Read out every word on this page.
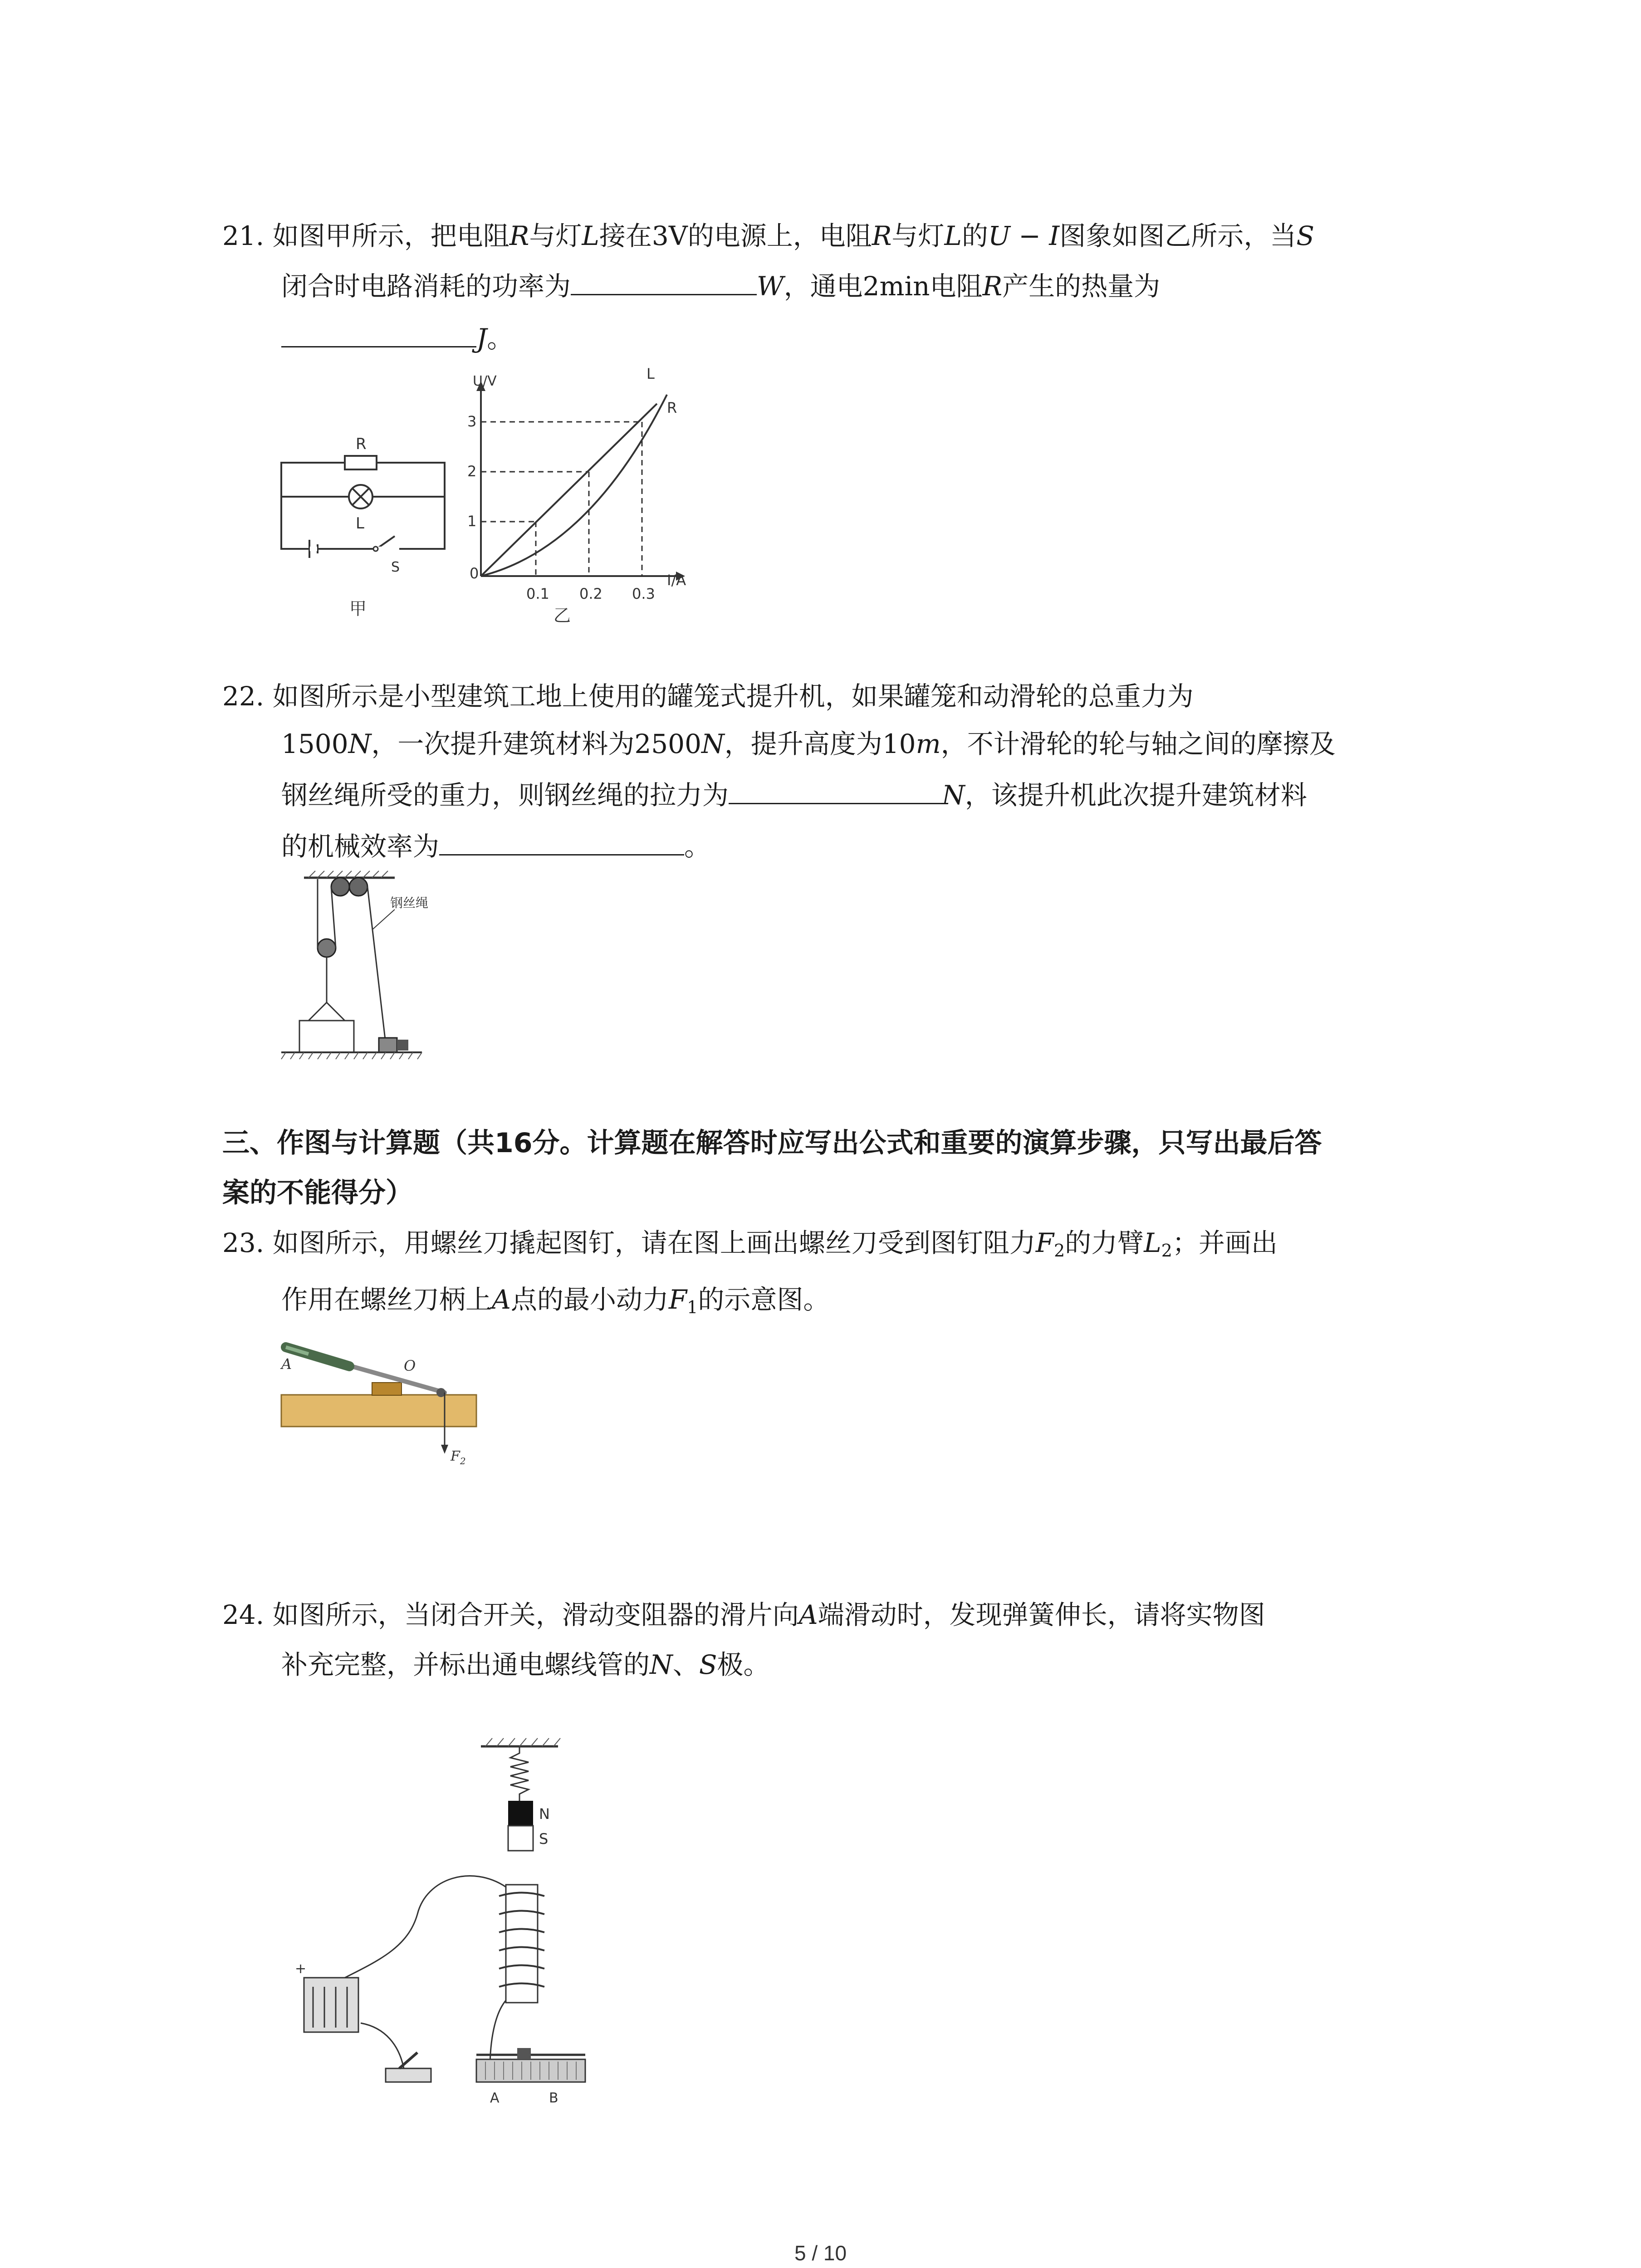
21. 如图甲所示，把电阻R与灯L接在3V的电源上，电阻R与灯L的U − I图象如图乙所示，当S
闭合时电路消耗的功率为	W，通电2min电阻R产生的热量为
J。
R
L
S
甲
U/V
3
2
1
0
0.1 0.2 0.3
I/A
L
R
乙
22. 如图所示是小型建筑工地上使用的罐笼式提升机，如果罐笼和动滑轮的总重力为
1500N，一次提升建筑材料为2500N，提升高度为10m，不计滑轮的轮与轴之间的摩擦及
钢丝绳所受的重力，则钢丝绳的拉力为	N，该提升机此次提升建筑材料
的机械效率为	。
钢丝绳
三、作图与计算题（共16分。计算题在解答时应写出公式和重要的演算步骤，只写出最后答
案的不能得分）
23. 如图所示，用螺丝刀撬起图钉，请在图上画出螺丝刀受到图钉阻力$F_2$的力臂$L_2$；并画出
作用在螺丝刀柄上A点的最小动力$F_1$的示意图。
A	O
$F_2$
24. 如图所示，当闭合开关，滑动变阻器的滑片向A端滑动时，发现弹簧伸长，请将实物图
补充完整，并标出通电螺线管的N、S极。
N
S
+
A	B
5 / 10
